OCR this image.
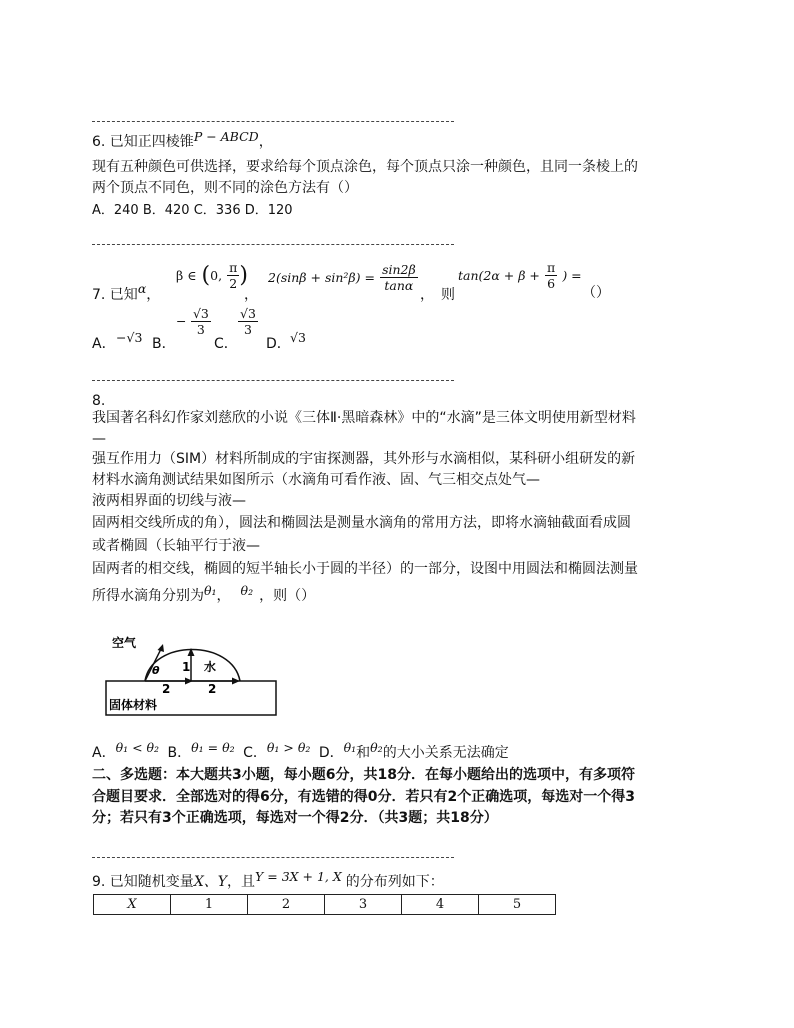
6. 已知正四棱锥P − ABCD，
现有五种颜色可供选择，要求给每个顶点涂色，每个顶点只涂一种颜色，且同一条棱上的
两个顶点不同色，则不同的涂色方法有（）
A．240 B．420 C．336 D．120
7. 已知α，
β ∈ (0, $\frac{\pi}{2}$ )
，
$2(\sin\beta + \sin^2\beta) = \frac{\sin 2\beta}{\tan\alpha}$
， 则
$\tan(2\alpha + \beta + \frac{\pi}{6}$ ) =
（）
A． −√3 B．
− $\frac{√3}{3}$
C．
$\frac{√3}{3}$
D． √3
8.
我国著名科幻作家刘慈欣的小说《三体Ⅱ·黑暗森林》中的“水滴”是三体文明使用新型材料
—
强互作用力（SIM）材料所制成的宇宙探测器，其外形与水滴相似，某科研小组研发的新
材料水滴角测试结果如图所示（水滴角可看作液、固、气三相交点处气—
液两相界面的切线与液—
固两相交线所成的角），圆法和椭圆法是测量水滴角的常用方法，即将水滴轴截面看成圆
或者椭圆（长轴平行于液—
固两者的相交线，椭圆的短半轴长小于圆的半径）的一部分，设图中用圆法和椭圆法测量
所得水滴角分别为θ₁， θ₂ ，则（）
固体材料
空气
θ 1 水
2	2
A．θ₁ < θ₂ B．θ₁ = θ₂ C．θ₁ > θ₂ D．θ₁和θ₂的大小关系无法确定
二、多选题：本大题共3小题，每小题6分，共18分．在每小题给出的选项中，有多项符
合题目要求．全部选对的得6分，有选错的得0分．若只有2个正确选项，每选对一个得3
分；若只有3个正确选项，每选对一个得2分．（共3题；共18分）
9. 已知随机变量X、Y，且Y = 3X + 1, X 的分布列如下：
X	1	2	3	4	5
